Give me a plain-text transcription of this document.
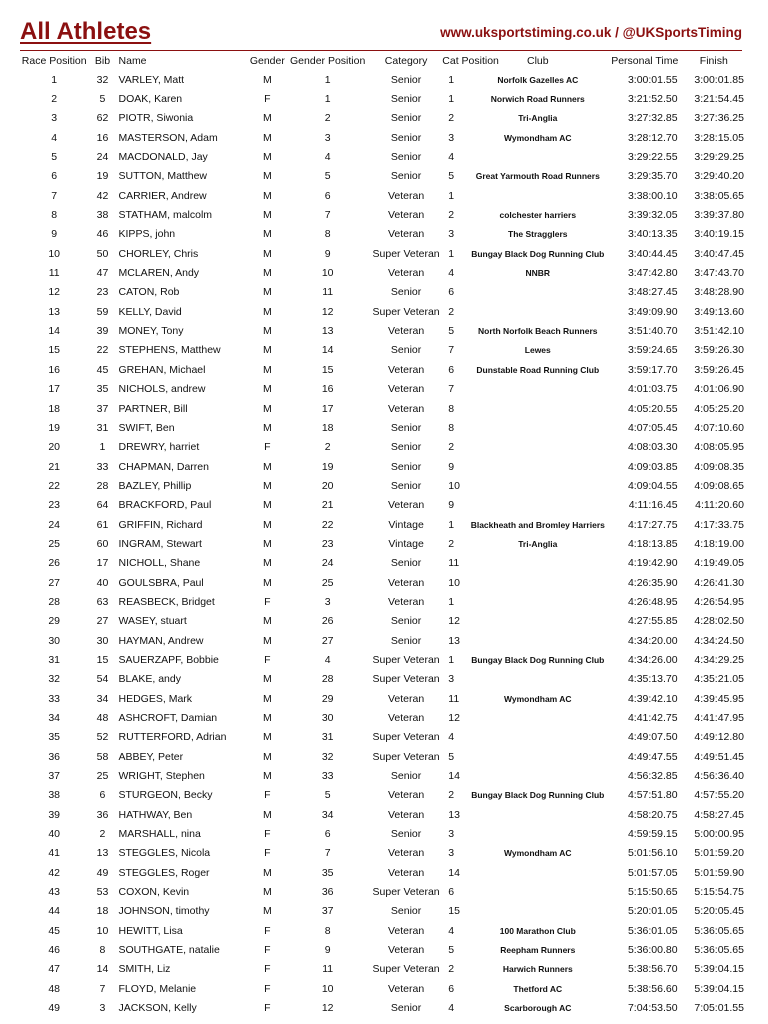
All Athletes	www.uksportstiming.co.uk / @UKSportsTiming
Race Position	Bib	Name	Gender	Gender Position	Category	Cat Position	Club	Personal Time	Finish
1	32	VARLEY, Matt	M	1	Senior	1	Norfolk Gazelles AC	3:00:01.55	3:00:01.85
2	5	DOAK, Karen	F	1	Senior	1	Norwich Road Runners	3:21:52.50	3:21:54.45
3	62	PIOTR, Siwonia	M	2	Senior	2	Tri-Anglia	3:27:32.85	3:27:36.25
4	16	MASTERSON, Adam	M	3	Senior	3	Wymondham AC	3:28:12.70	3:28:15.05
5	24	MACDONALD, Jay	M	4	Senior	4		3:29:22.55	3:29:29.25
6	19	SUTTON, Matthew	M	5	Senior	5	Great Yarmouth Road Runners	3:29:35.70	3:29:40.20
7	42	CARRIER, Andrew	M	6	Veteran	1		3:38:00.10	3:38:05.65
8	38	STATHAM, malcolm	M	7	Veteran	2	colchester harriers	3:39:32.05	3:39:37.80
9	46	KIPPS, john	M	8	Veteran	3	The Stragglers	3:40:13.35	3:40:19.15
10	50	CHORLEY, Chris	M	9	Super Veteran	1	Bungay Black Dog Running Club	3:40:44.45	3:40:47.45
11	47	MCLAREN, Andy	M	10	Veteran	4	NNBR	3:47:42.80	3:47:43.70
12	23	CATON, Rob	M	11	Senior	6		3:48:27.45	3:48:28.90
13	59	KELLY, David	M	12	Super Veteran	2		3:49:09.90	3:49:13.60
14	39	MONEY, Tony	M	13	Veteran	5	North Norfolk Beach Runners	3:51:40.70	3:51:42.10
15	22	STEPHENS, Matthew	M	14	Senior	7	Lewes	3:59:24.65	3:59:26.30
16	45	GREHAN, Michael	M	15	Veteran	6	Dunstable Road Running Club	3:59:17.70	3:59:26.45
17	35	NICHOLS, andrew	M	16	Veteran	7		4:01:03.75	4:01:06.90
18	37	PARTNER, Bill	M	17	Veteran	8		4:05:20.55	4:05:25.20
19	31	SWIFT, Ben	M	18	Senior	8		4:07:05.45	4:07:10.60
20	1	DREWRY, harriet	F	2	Senior	2		4:08:03.30	4:08:05.95
21	33	CHAPMAN, Darren	M	19	Senior	9		4:09:03.85	4:09:08.35
22	28	BAZLEY, Phillip	M	20	Senior	10		4:09:04.55	4:09:08.65
23	64	BRACKFORD, Paul	M	21	Veteran	9		4:11:16.45	4:11:20.60
24	61	GRIFFIN, Richard	M	22	Vintage	1	Blackheath and Bromley Harriers	4:17:27.75	4:17:33.75
25	60	INGRAM, Stewart	M	23	Vintage	2	Tri-Anglia	4:18:13.85	4:18:19.00
26	17	NICHOLL, Shane	M	24	Senior	11		4:19:42.90	4:19:49.05
27	40	GOULSBRA, Paul	M	25	Veteran	10		4:26:35.90	4:26:41.30
28	63	REASBECK, Bridget	F	3	Veteran	1		4:26:48.95	4:26:54.95
29	27	WASEY, stuart	M	26	Senior	12		4:27:55.85	4:28:02.50
30	30	HAYMAN, Andrew	M	27	Senior	13		4:34:20.00	4:34:24.50
31	15	SAUERZAPF, Bobbie	F	4	Super Veteran	1	Bungay Black Dog Running Club	4:34:26.00	4:34:29.25
32	54	BLAKE, andy	M	28	Super Veteran	3		4:35:13.70	4:35:21.05
33	34	HEDGES, Mark	M	29	Veteran	11	Wymondham AC	4:39:42.10	4:39:45.95
34	48	ASHCROFT, Damian	M	30	Veteran	12		4:41:42.75	4:41:47.95
35	52	RUTTERFORD, Adrian	M	31	Super Veteran	4		4:49:07.50	4:49:12.80
36	58	ABBEY, Peter	M	32	Super Veteran	5		4:49:47.55	4:49:51.45
37	25	WRIGHT, Stephen	M	33	Senior	14		4:56:32.85	4:56:36.40
38	6	STURGEON, Becky	F	5	Veteran	2	Bungay Black Dog Running Club	4:57:51.80	4:57:55.20
39	36	HATHWAY, Ben	M	34	Veteran	13		4:58:20.75	4:58:27.45
40	2	MARSHALL, nina	F	6	Senior	3		4:59:59.15	5:00:00.95
41	13	STEGGLES, Nicola	F	7	Veteran	3	Wymondham AC	5:01:56.10	5:01:59.20
42	49	STEGGLES, Roger	M	35	Veteran	14		5:01:57.05	5:01:59.90
43	53	COXON, Kevin	M	36	Super Veteran	6		5:15:50.65	5:15:54.75
44	18	JOHNSON, timothy	M	37	Senior	15		5:20:01.05	5:20:05.45
45	10	HEWITT, Lisa	F	8	Veteran	4	100 Marathon Club	5:36:01.05	5:36:05.65
46	8	SOUTHGATE, natalie	F	9	Veteran	5	Reepham Runners	5:36:00.80	5:36:05.65
47	14	SMITH, Liz	F	11	Super Veteran	2	Harwich Runners	5:38:56.70	5:39:04.15
48	7	FLOYD, Melanie	F	10	Veteran	6	Thetford AC	5:38:56.60	5:39:04.15
49	3	JACKSON, Kelly	F	12	Senior	4	Scarborough AC	7:04:53.50	7:05:01.55
